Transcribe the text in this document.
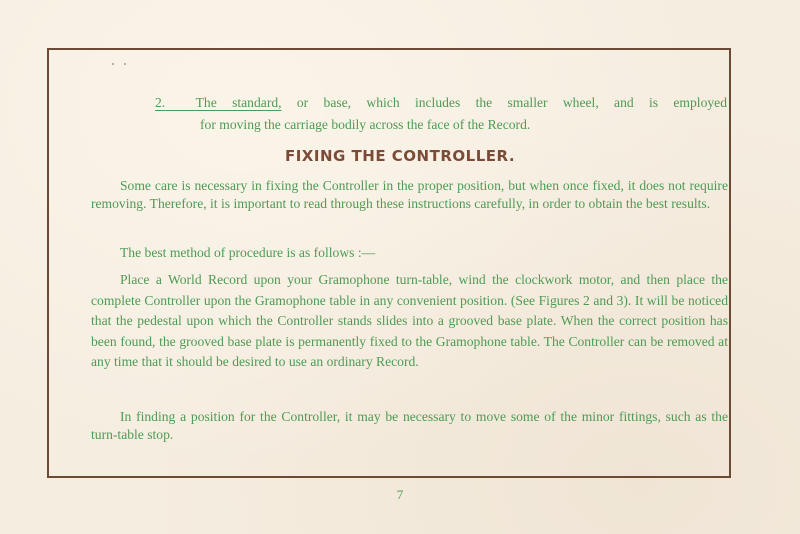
2. The standard, or base, which includes the smaller wheel, and is employed

for moving the carriage bodily across the face of the Record.

FIXING THE CONTROLLER.

Some care is necessary in fixing the Controller in the proper position, but when once fixed, it does not require removing. Therefore, it is important to read through these instructions carefully, in order to obtain the best results.

The best method of procedure is as follows :—

Place a World Record upon your Gramophone turn-table, wind the clockwork motor, and then place the complete Controller upon the Gramophone table in any convenient position. (See Figures 2 and 3). It will be noticed that the pedestal upon which the Controller stands slides into a grooved base plate. When the correct position has been found, the grooved base plate is permanently fixed to the Gramophone table. The Controller can be removed at any time that it should be desired to use an ordinary Record.

In finding a position for the Controller, it may be necessary to move some of the minor fittings, such as the turn-table stop.

7
